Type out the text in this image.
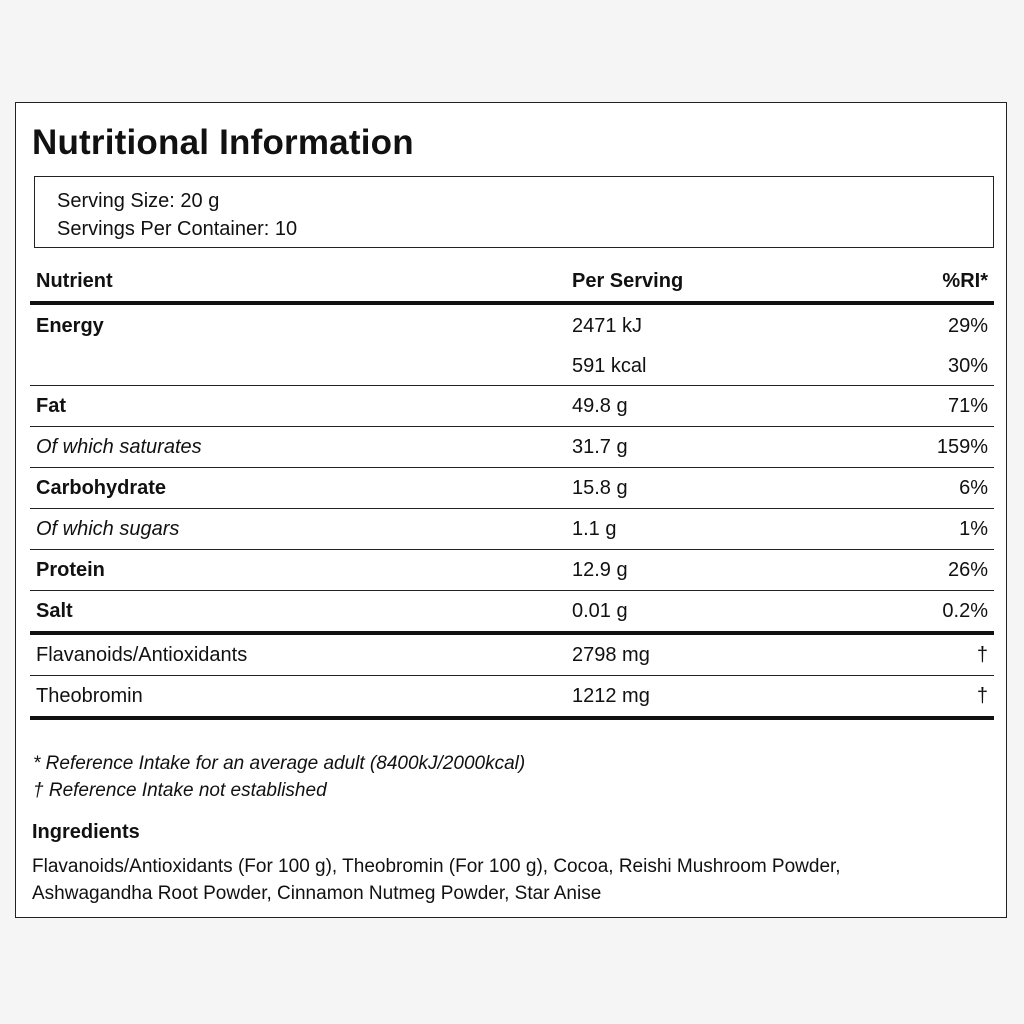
Nutritional Information
Serving Size: 20 g
Servings Per Container: 10
Nutrient	Per Serving	%RI*
Energy	2471 kJ	29%
	591 kcal	30%
Fat	49.8 g	71%
Of which saturates	31.7 g	159%
Carbohydrate	15.8 g	6%
Of which sugars	1.1 g	1%
Protein	12.9 g	26%
Salt	0.01 g	0.2%
Flavanoids/Antioxidants	2798 mg	†
Theobromin	1212 mg	†
* Reference Intake for an average adult (8400kJ/2000kcal)
† Reference Intake not established
Ingredients
Flavanoids/Antioxidants (For 100 g), Theobromin (For 100 g), Cocoa, Reishi Mushroom Powder,
Ashwagandha Root Powder, Cinnamon Nutmeg Powder, Star Anise
